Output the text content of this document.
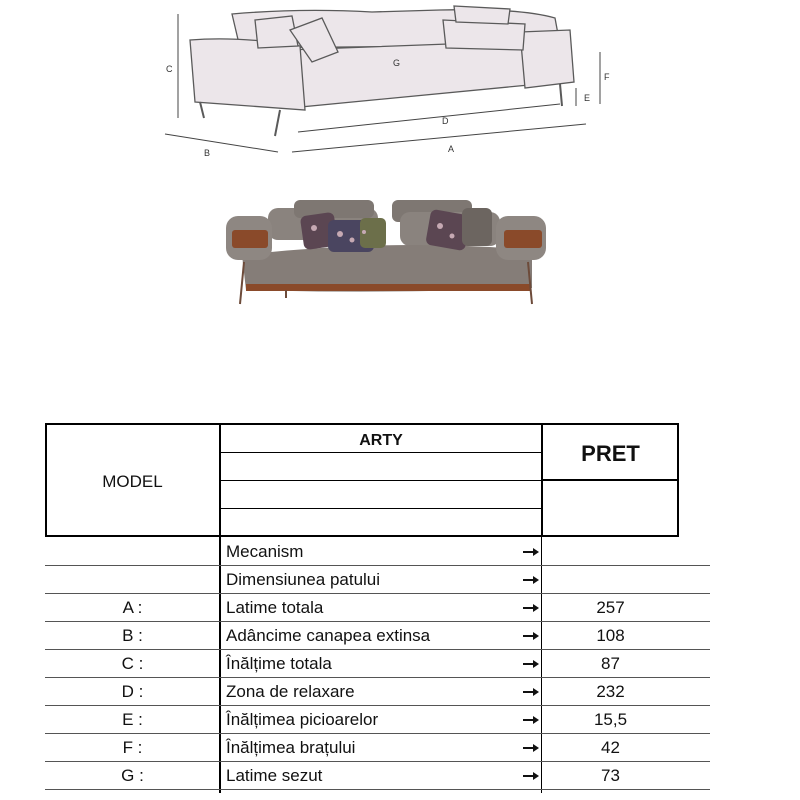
C
B	A
D
E
F
G
MODEL
ARTY
PRET
Mecanism
Dimensiunea patului
A :	Latime totala	257
B :	Adâncime canapea extinsa	108
C :	Înălțime totala	87
D :	Zona de relaxare	232
E :	Înălțimea picioarelor	15,5
F :	Înălțimea brațului	42
G :	Latime sezut	73
